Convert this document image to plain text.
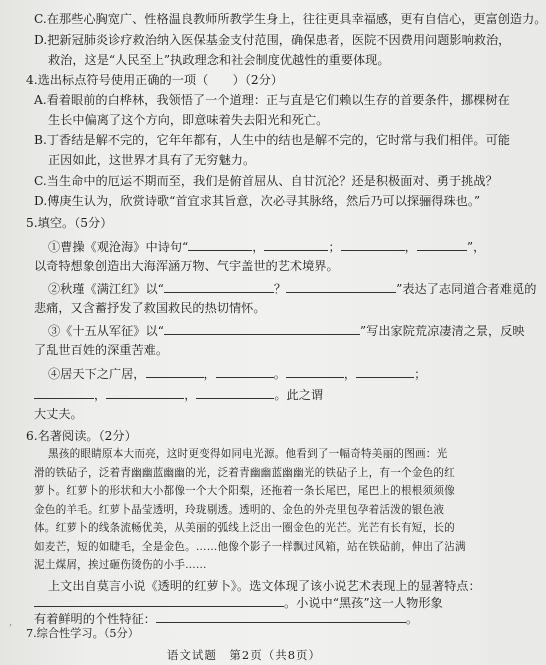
C.在那些心胸宽广、性格温良教师所教学生身上，往往更具幸福感，更有自信心，更富创造力。
D.把新冠肺炎诊疗救治纳入医保基金支付范围，确保患者，医院不因费用问题影响救治，
救治，这是“人民至上”执政理念和社会制度优越性的重要体现。
4.选出标点符号使用正确的一项（　　）（2分）
A.看着眼前的白桦林，我领悟了一个道理：正与直是它们赖以生存的首要条件，挪棵树在
生长中偏离了这个方向，即意味着失去阳光和死亡。
B.丁香结是解不完的，它年年都有，人生中的结也是解不完的，它时常与我们相伴。可能
正因如此，这世界才具有了无穷魅力。
C.当生命中的厄运不期而至，我们是俯首屈从、自甘沉沦？还是积极面对、勇于挑战？
D.傅庚生认为，欣赏诗歌“首宜求其旨意，次必寻其脉络，然后乃可以探骊得珠也。”
5.填空。（5分）
①曹操《观沧海》中诗句“	，	；	，	”，
以奇特想象创造出大海浑涵万物、气宇盖世的艺术境界。
②秋瑾《满江红》以“	？	”表达了志同道合者难觅的
悲痛，又含蓄抒发了救国救民的热切情怀。
③《十五从军征》以“	”写出家院荒凉凄清之景，反映
了乱世百姓的深重苦难。
④居天下之广居，	，	。	，	；
，	，	。此之谓
大丈夫。
6.名著阅读。（2分）
黑孩的眼睛原本大而亮，这时更变得如同电光源。他看到了一幅奇特美丽的图画：光
滑的铁砧子，泛着青幽幽蓝幽幽的光，泛着青幽幽蓝幽幽光的铁砧子上，有一个金色的红
萝卜。红萝卜的形状和大小都像一个大个阳梨，还拖着一条长尾巴，尾巴上的根根须须像
金色的羊毛。红萝卜晶莹透明，玲珑剔透。透明的、金色的外壳里包孕着活泼的银色液
体。红萝卜的线条流畅优美，从美丽的弧线上泛出一圈金色的光芒。光芒有长有短，长的
如麦芒，短的如睫毛，全是金色。……他像个影子一样飘过风箱，站在铁砧前，伸出了沾满
泥土煤屑，挨过砸伤烫伤的小手……
上文出自莫言小说《透明的红萝卜》。选文体现了该小说艺术表现上的显著特点：
。小说中“黑孩”这一人物形象
有着鲜明的个性特征：	。
语文试题　第2页（共8页）
7.综合性学习。（5分）
’
